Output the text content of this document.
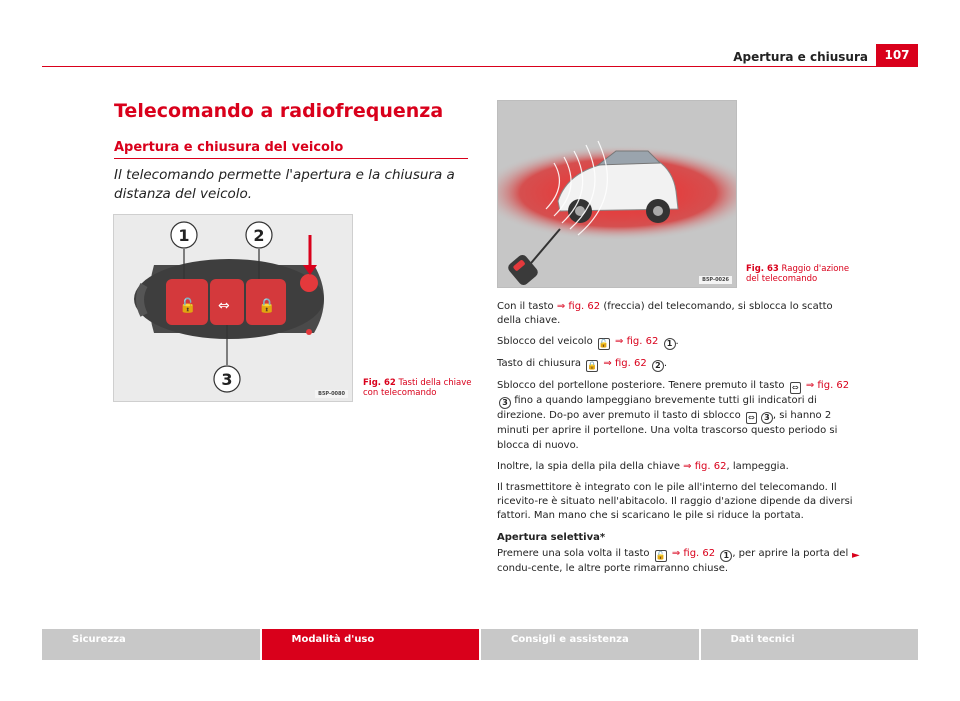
Apertura e chiusura	107
Telecomando a radiofrequenza
Apertura e chiusura del veicolo
Il telecomando permette l'apertura e la chiusura a distanza del veicolo.
🔓 ⇔ 🔒
1	2
3
B5P-0080
Fig. 62 Tasti della chiave
con telecomando
B5P-0026
Fig. 63 Raggio d'azione
del telecomando

Con il tasto ⇒ fig. 62 (freccia) del telecomando, si sblocca lo scatto della chiave.

Sblocco del veicolo 🔓 ⇒ fig. 62 1 .

Tasto di chiusura 🔒 ⇒ fig. 62 2 .

Sblocco del portellone posteriore. Tenere premuto il tasto ⇔ ⇒ fig. 62 3 fino a quando lampeggiano brevemente tutti gli indicatori di direzione. Do-po aver premuto il tasto di sblocco ⇔ 3 , si hanno 2 minuti per aprire il portellone. Una volta trascorso questo periodo si blocca di nuovo.

Inoltre, la spia della pila della chiave ⇒ fig. 62, lampeggia.

Il trasmettitore è integrato con le pile all'interno del telecomando. Il ricevito-re è situato nell'abitacolo. Il raggio d'azione dipende da diversi fattori. Man mano che si scaricano le pile si riduce la portata.

Apertura selettiva*

Premere una sola volta il tasto 🔓 ⇒ fig. 62 1 , per aprire la porta del condu-cente, le altre porte rimarranno chiuse.

►
Sicurezza	Modalità d'uso	Consigli e assistenza	Dati tecnici
